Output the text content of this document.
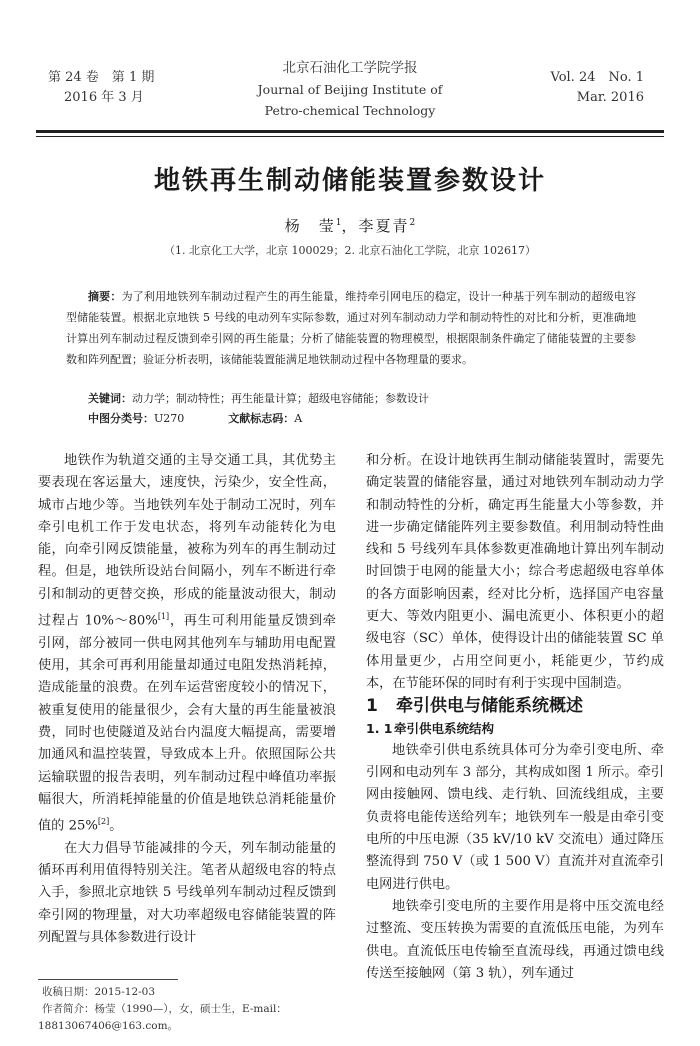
第 24 卷　第 1 期
2016 年 3 月
北京石油化工学院学报
Journal of Beijing Institute of
Petro-chemical Technology
Vol. 24　No. 1
Mar. 2016
地铁再生制动储能装置参数设计
杨　莹$^1$，李夏青$^2$
（1. 北京化工大学，北京 100029；2. 北京石油化工学院，北京 102617）
摘要：为了利用地铁列车制动过程产生的再生能量，维持牵引网电压的稳定，设计一种基于列车制动的超级电容型储能装置。根据北京地铁 5 号线的电动列车实际参数，通过对列车制动动力学和制动特性的对比和分析，更准确地计算出列车制动过程反馈到牵引网的再生能量；分析了储能装置的物理模型，根据限制条件确定了储能装置的主要参数和阵列配置；验证分析表明，该储能装置能满足地铁制动过程中各物理量的要求。
关键词：动力学；制动特性；再生能量计算；超级电容储能；参数设计
中图分类号：U270	文献标志码：A

地铁作为轨道交通的主导交通工具，其优势主要表现在客运量大，速度快，污染少，安全性高，城市占地少等。当地铁列车处于制动工况时，列车牵引电机工作于发电状态，将列车动能转化为电能，向牵引网反馈能量，被称为列车的再生制动过程。但是，地铁所设站台间隔小，列车不断进行牵引和制动的更替交换，形成的能量波动很大，制动过程占 10%～80%[1]，再生可利用能量反馈到牵引网，部分被同一供电网其他列车与辅助用电配置使用，其余可再利用能量却通过电阻发热消耗掉，造成能量的浪费。在列车运营密度较小的情况下，被重复使用的能量很少，会有大量的再生能量被浪费，同时也使隧道及站台内温度大幅提高，需要增加通风和温控装置，导致成本上升。依照国际公共运输联盟的报告表明，列车制动过程中峰值功率振幅很大，所消耗掉能量的价值是地铁总消耗能量价值的 25%[2]。

在大力倡导节能减排的今天，列车制动能量的循环再利用值得特别关注。笔者从超级电容的特点入手，参照北京地铁 5 号线单列车制动过程反馈到牵引网的物理量，对大功率超级电容储能装置的阵列配置与具体参数进行设计

和分析。在设计地铁再生制动储能装置时，需要先确定装置的储能容量，通过对地铁列车制动动力学和制动特性的分析，确定再生能量大小等参数，并进一步确定储能阵列主要参数值。利用制动特性曲线和 5 号线列车具体参数更准确地计算出列车制动时回馈于电网的能量大小；综合考虑超级电容单体的各方面影响因素，经对比分析，选择国产电容量更大、等效内阻更小、漏电流更小、体积更小的超级电容（SC）单体，使得设计出的储能装置 SC 单体用量更少，占用空间更小，耗能更少，节约成本，在节能环保的同时有利于实现中国制造。

1 牵引供电与储能系统概述

1. 1 牵引供电系统结构

地铁牵引供电系统具体可分为牵引变电所、牵引网和电动列车 3 部分，其构成如图 1 所示。牵引网由接触网、馈电线、走行轨、回流线组成，主要负责将电能传送给列车；地铁列车一般是由牵引变电所的中压电源（35 kV/10 kV 交流电）通过降压整流得到 750 V（或 1 500 V）直流并对直流牵引电网进行供电。

地铁牵引变电所的主要作用是将中压交流电经过整流、变压转换为需要的直流低压电能，为列车供电。直流低压电传输至直流母线，再通过馈电线传送至接触网（第 3 轨），列车通过

收稿日期：2015-12-03
作者简介：杨莹（1990—），女，硕士生，E-mail：18813067406@163.com。
